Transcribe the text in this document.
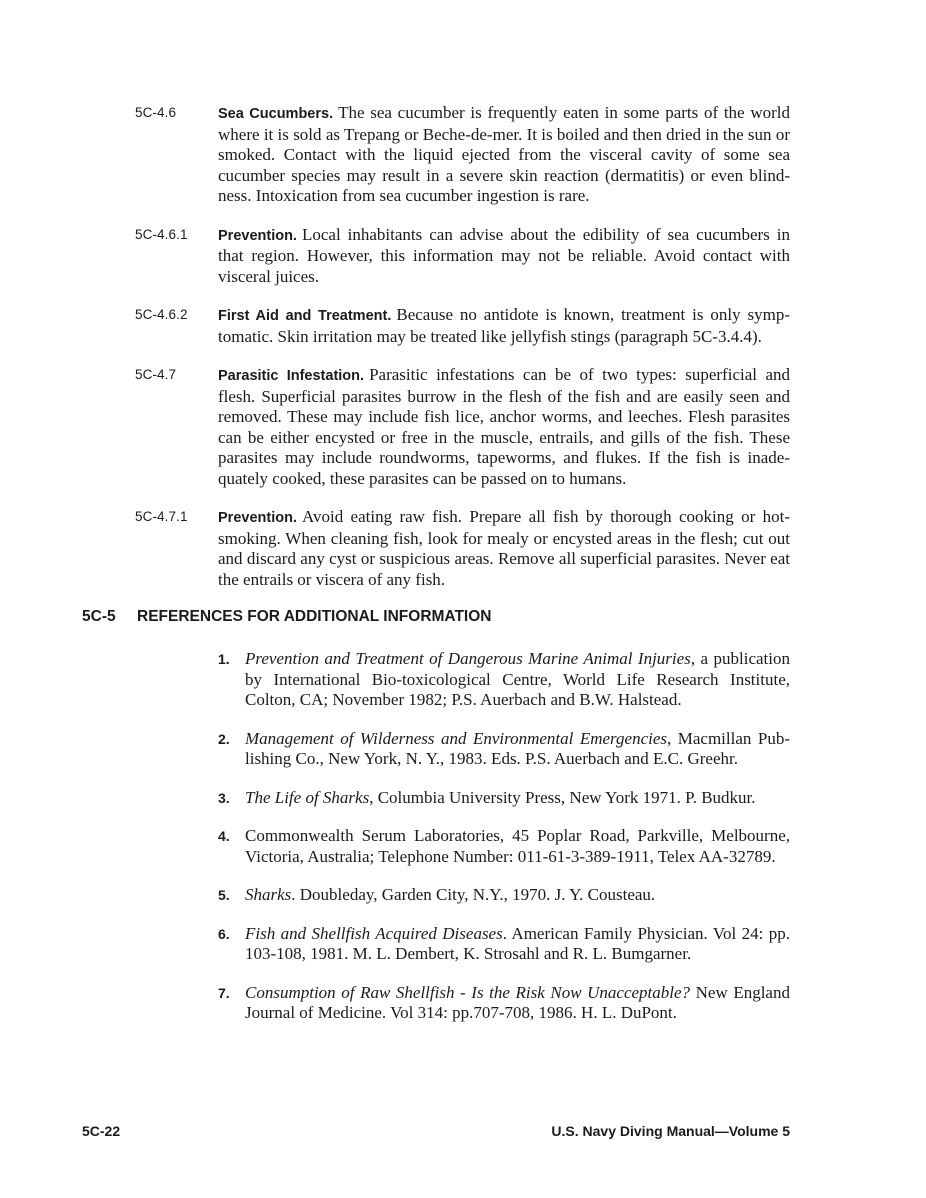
5C-4.6	Sea Cucumbers. The sea cucumber is frequently eaten in some parts of the world where it is sold as Trepang or Beche-de-mer. It is boiled and then dried in the sun or smoked. Contact with the liquid ejected from the visceral cavity of some sea cucumber species may result in a severe skin reaction (dermatitis) or even blindness. Intoxication from sea cucumber ingestion is rare.
5C-4.6.1	Prevention. Local inhabitants can advise about the edibility of sea cucumbers in that region. However, this information may not be reliable. Avoid contact with visceral juices.
5C-4.6.2	First Aid and Treatment. Because no antidote is known, treatment is only symptomatic. Skin irritation may be treated like jellyfish stings (paragraph 5C-3.4.4).
5C-4.7	Parasitic Infestation. Parasitic infestations can be of two types: superficial and flesh. Superficial parasites burrow in the flesh of the fish and are easily seen and removed. These may include fish lice, anchor worms, and leeches. Flesh parasites can be either encysted or free in the muscle, entrails, and gills of the fish. These parasites may include roundworms, tapeworms, and flukes. If the fish is inadequately cooked, these parasites can be passed on to humans.
5C-4.7.1	Prevention. Avoid eating raw fish. Prepare all fish by thorough cooking or hot-smoking. When cleaning fish, look for mealy or encysted areas in the flesh; cut out and discard any cyst or suspicious areas. Remove all superficial parasites. Never eat the entrails or viscera of any fish.
5C-5	REFERENCES FOR ADDITIONAL INFORMATION
1. Prevention and Treatment of Dangerous Marine Animal Injuries, a publication by International Bio-toxicological Centre, World Life Research Institute, Colton, CA; November 1982; P.S. Auerbach and B.W. Halstead.
2. Management of Wilderness and Environmental Emergencies, Macmillan Publishing Co., New York, N. Y., 1983. Eds. P.S. Auerbach and E.C. Greehr.
3. The Life of Sharks, Columbia University Press, New York 1971. P. Budkur.
4. Commonwealth Serum Laboratories, 45 Poplar Road, Parkville, Melbourne, Victoria, Australia; Telephone Number: 011-61-3-389-1911, Telex AA-32789.
5. Sharks. Doubleday, Garden City, N.Y., 1970. J. Y. Cousteau.
6. Fish and Shellfish Acquired Diseases. American Family Physician. Vol 24: pp. 103-108, 1981. M. L. Dembert, K. Strosahl and R. L. Bumgarner.
7. Consumption of Raw Shellfish - Is the Risk Now Unacceptable? New England Journal of Medicine. Vol 314: pp.707-708, 1986. H. L. DuPont.
5C-22	U.S. Navy Diving Manual—Volume 5
